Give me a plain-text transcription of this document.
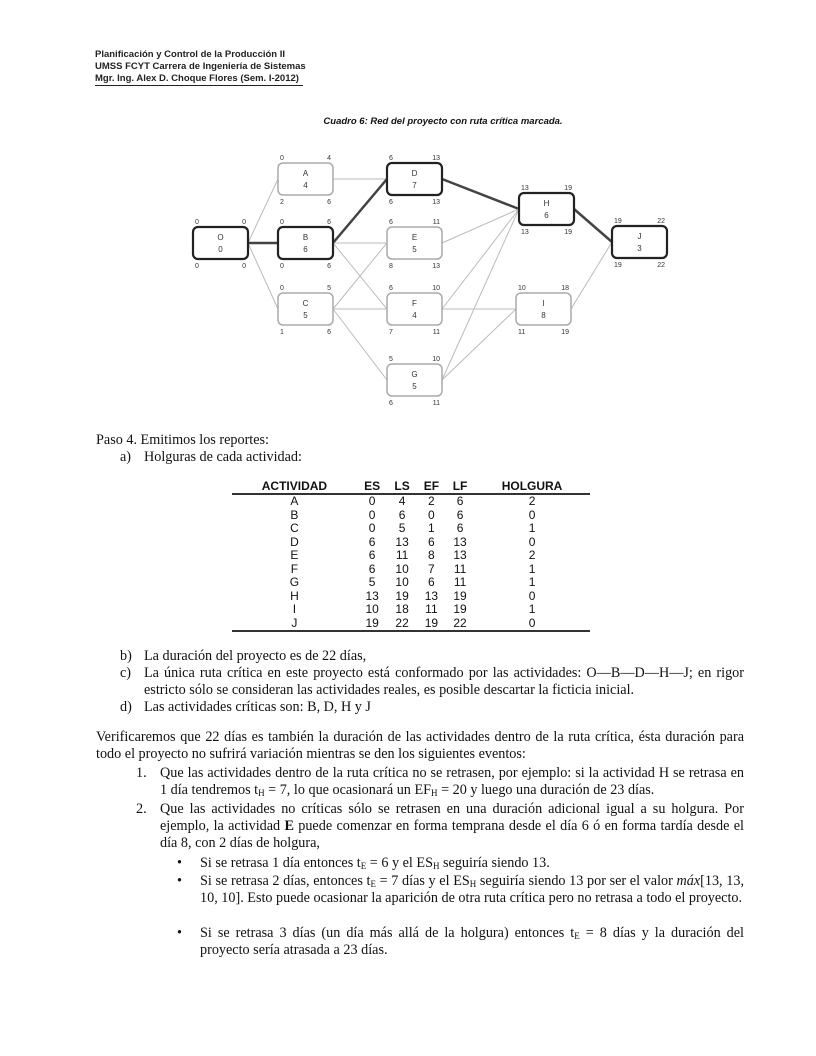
Planificación y Control de la Producción II
UMSS FCYT Carrera de Ingeniería de Sistemas
Mgr. Ing. Alex D. Choque Flores (Sem. I-2012)
Cuadro 6: Red del proyecto con ruta crítica marcada.
O
0
0	0
0	0
A
4
0	4
2	6
B
6
0	6
0	6
C
5
0	5
1	6
D
7
6	13
6	13
E
5
6	11
8	13
F
4
6	10
7	11
G
5
5	10
6	11
H
6
13	19
13	19
I
8
10	18
11	19
J
3
19	22
19	22
Paso 4. Emitimos los reportes:
a) Holguras de cada actividad:
ACTIVIDAD	ES	LS	EF	LF	HOLGURA
A	0	4	2	6	2
B	0	6	0	6	0
C	0	5	1	6	1
D	6	13	6	13	0
E	6	11	8	13	2
F	6	10	7	11	1
G	5	10	6	11	1
H	13	19	13	19	0
I	10	18	11	19	1
J	19	22	19	22	0
b) La duración del proyecto es de 22 días,
c) La única ruta crítica en este proyecto está conformado por las actividades: O—B—D—H—J; en rigor estricto sólo se consideran las actividades reales, es posible descartar la ficticia inicial.
d) Las actividades críticas son: B, D, H y J
Verificaremos que 22 días es también la duración de las actividades dentro de la ruta crítica, ésta duración para todo el proyecto no sufrirá variación mientras se den los siguientes eventos:
1. Que las actividades dentro de la ruta crítica no se retrasen, por ejemplo: si la actividad H se retrasa en 1 día tendremos $t_H = 7$, lo que ocasionará un $EF_H = 20$ y luego una duración de 23 días.
2. Que las actividades no críticas sólo se retrasen en una duración adicional igual a su holgura. Por ejemplo, la actividad E puede comenzar en forma temprana desde el día 6 ó en forma tardía desde el día 8, con 2 días de holgura,
• Si se retrasa 1 día entonces $t_E = 6$ y el $ES_H$ seguiría siendo 13.
• Si se retrasa 2 días, entonces $t_E = 7$ días y el $ES_H$ seguiría siendo 13 por ser el valor máx[13, 13, 10, 10]. Esto puede ocasionar la aparición de otra ruta crítica pero no retrasa a todo el proyecto.
• Si se retrasa 3 días (un día más allá de la holgura) entonces $t_E = 8$ días y la duración del proyecto sería atrasada a 23 días.
